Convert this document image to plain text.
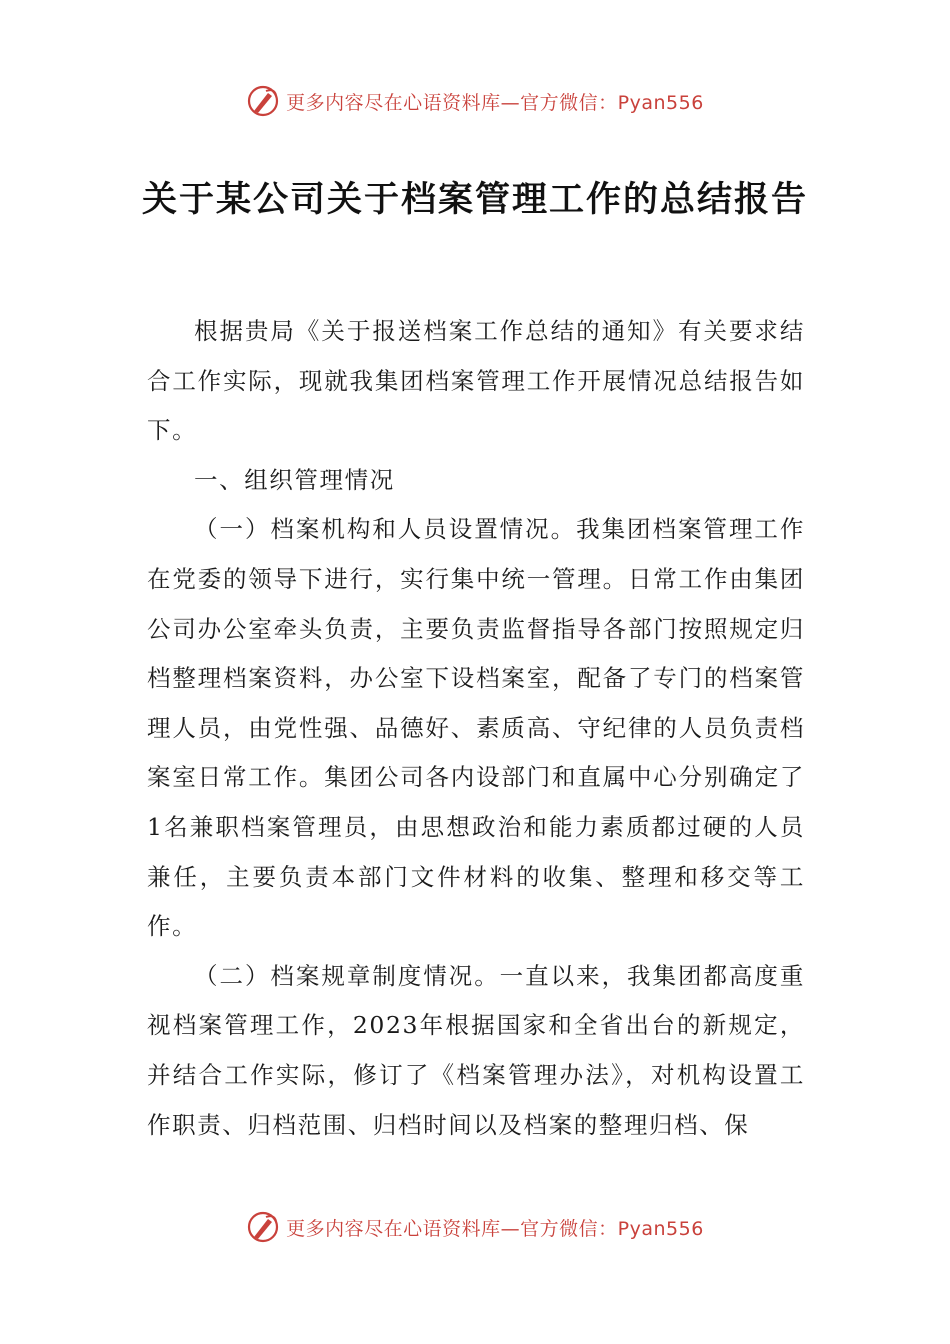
更多内容尽在心语资料库—官方微信：Pyan556
关于某公司关于档案管理工作的总结报告

根据贵局《关于报送档案工作总结的通知》有关要求结合工作实际，现就我集团档案管理工作开展情况总结报告如下。

一、组织管理情况

（一）档案机构和人员设置情况。我集团档案管理工作在党委的领导下进行，实行集中统一管理。日常工作由集团公司办公室牵头负责，主要负责监督指导各部门按照规定归档整理档案资料，办公室下设档案室，配备了专门的档案管理人员，由党性强、品德好、素质高、守纪律的人员负责档案室日常工作。集团公司各内设部门和直属中心分别确定了1名兼职档案管理员，由思想政治和能力素质都过硬的人员兼任，主要负责本部门文件材料的收集、整理和移交等工作。

（二）档案规章制度情况。一直以来，我集团都高度重视档案管理工作，2023年根据国家和全省出台的新规定，并结合工作实际，修订了《档案管理办法》，对机构设置工作职责、归档范围、归档时间以及档案的整理归档、保

更多内容尽在心语资料库—官方微信：Pyan556
